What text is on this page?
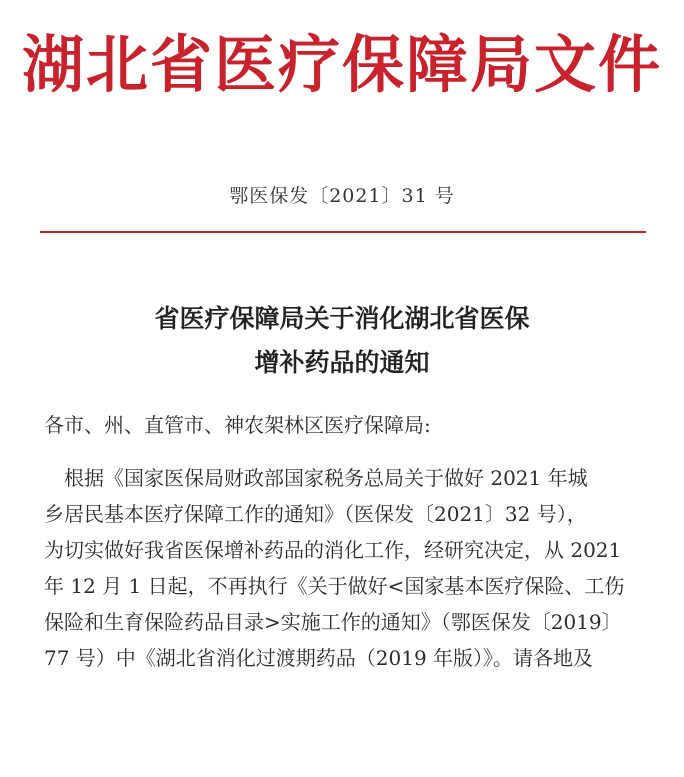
湖北省医疗保障局文件
鄂医保发〔2021〕31 号
省医疗保障局关于消化湖北省医保
增补药品的通知
各市、州、直管市、神农架林区医疗保障局:
　根据《国家医保局财政部国家税务总局关于做好 2021 年城
乡居民基本医疗保障工作的通知》（医保发〔2021〕32 号），
为切实做好我省医保增补药品的消化工作，经研究决定，从 2021
年 12 月 1 日起，不再执行《关于做好<国家基本医疗保险、工伤
保险和生育保险药品目录>实施工作的通知》（鄂医保发〔2019〕
77 号）中《湖北省消化过渡期药品（2019 年版）》。请各地及
